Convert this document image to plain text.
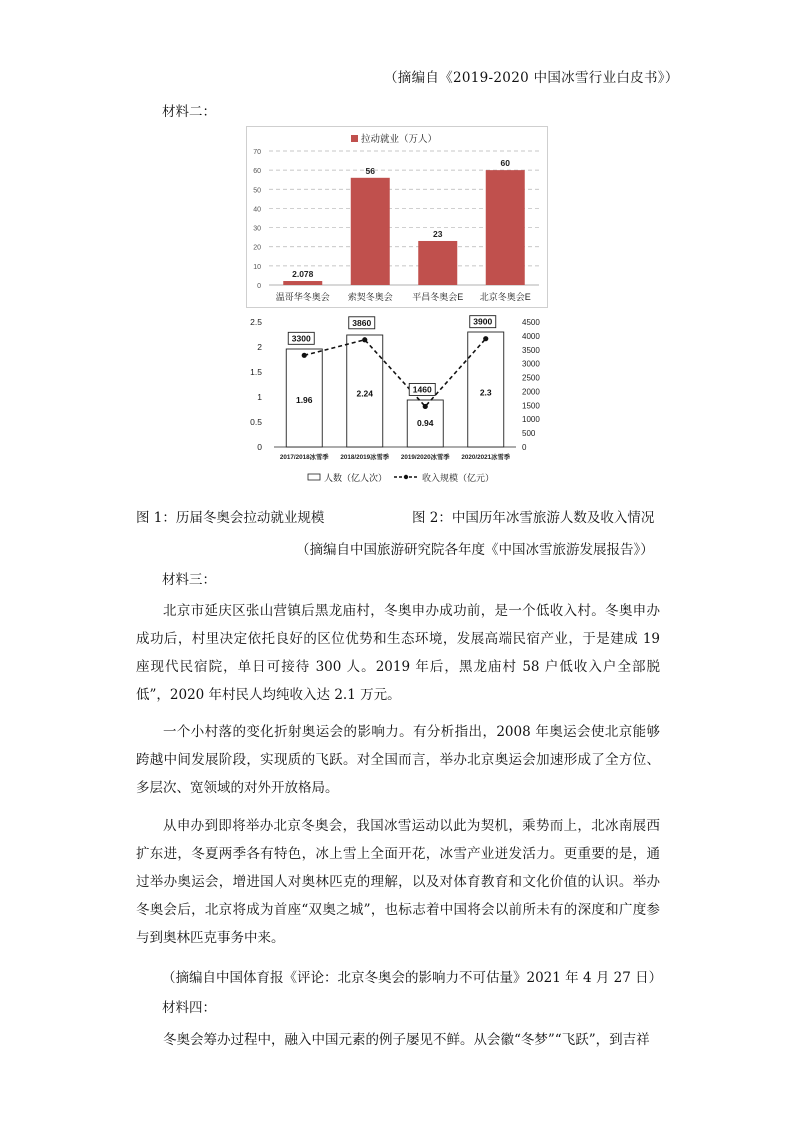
（摘编自《2019-2020 中国冰雪行业白皮书》）
材料二：
0
10
20
30
40
50
60
70
2.078
温哥华冬奥会
56
索契冬奥会
23
平昌冬奥会E
60
北京冬奥会E
拉动就业（万人）
0
0.5
1
1.5
2
2.5
0
500
1000
1500
2000
2500
3000
3500
4000
4500
1.96
2017/2018冰雪季
2.24
2018/2019冰雪季
0.94
2019/2020冰雪季
2.3
2020/2021冰雪季
3300
3860
1460
3900
人数（亿人次）	收入规模（亿元）
图 1：历届冬奥会拉动就业规模	图 2：中国历年冰雪旅游人数及收入情况
（摘编自中国旅游研究院各年度《中国冰雪旅游发展报告》）
材料三：

北京市延庆区张山营镇后黑龙庙村，冬奥申办成功前，是一个低收入村。冬奥申办成功后，村里决定依托良好的区位优势和生态环境，发展高端民宿产业，于是建成 19 座现代民宿院，单日可接待 300 人。2019 年后，黑龙庙村 58 户低收入户全部脱低”，2020 年村民人均纯收入达 2.1 万元。

一个小村落的变化折射奥运会的影响力。有分析指出，2008 年奥运会使北京能够跨越中间发展阶段，实现质的飞跃。对全国而言，举办北京奥运会加速形成了全方位、多层次、宽领域的对外开放格局。

从申办到即将举办北京冬奥会，我国冰雪运动以此为契机，乘势而上，北冰南展西扩东进，冬夏两季各有特色，冰上雪上全面开花，冰雪产业迸发活力。更重要的是，通过举办奥运会，增进国人对奥林匹克的理解，以及对体育教育和文化价值的认识。举办冬奥会后，北京将成为首座“双奥之城”，也标志着中国将会以前所未有的深度和广度参与到奥林匹克事务中来。

（摘编自中国体育报《评论：北京冬奥会的影响力不可估量》2021 年 4 月 27 日）
材料四：

冬奥会筹办过程中，融入中国元素的例子屡见不鲜。从会徽“冬梦”“飞跃”，到吉祥
